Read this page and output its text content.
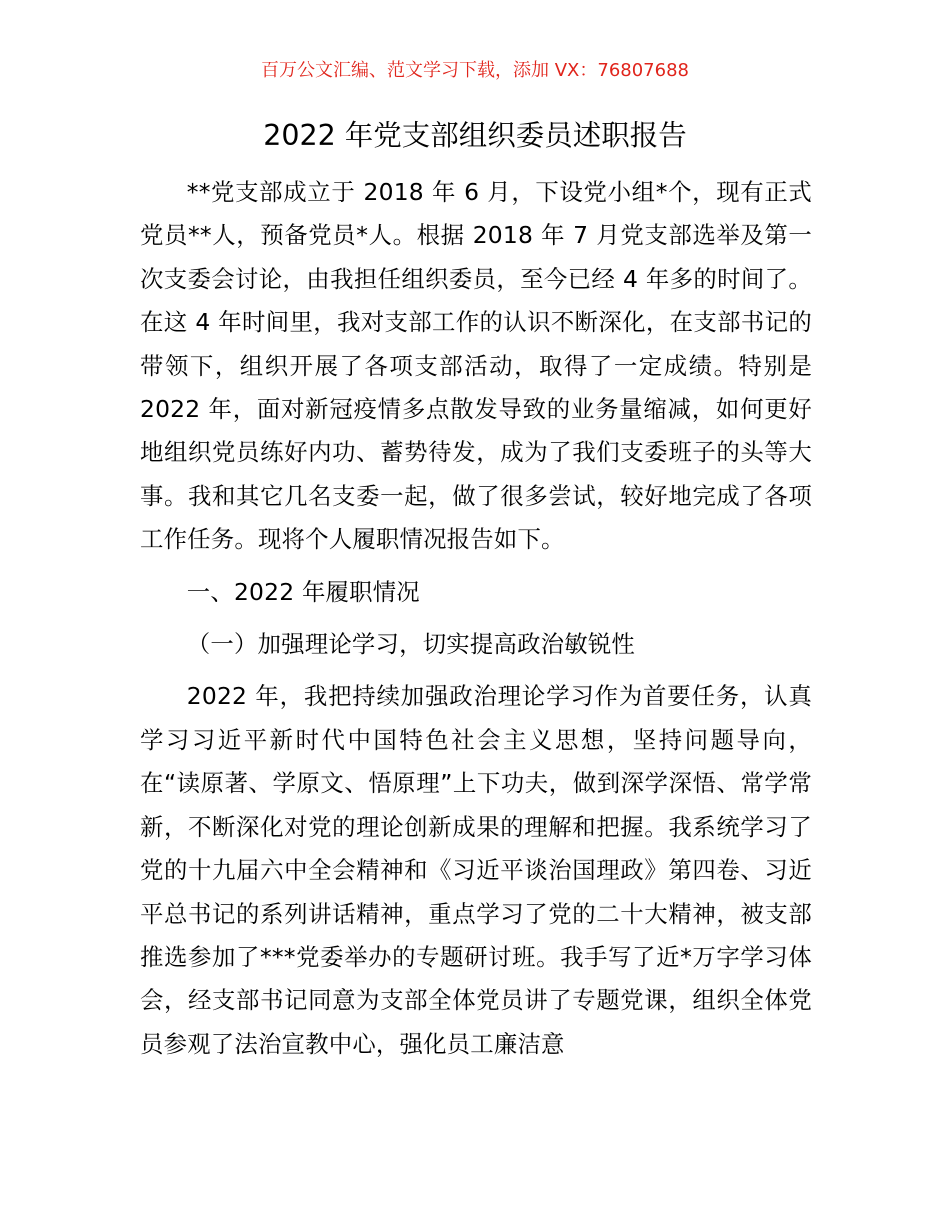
百万公文汇编、范文学习下载，添加 VX：76807688
2022 年党支部组织委员述职报告

**党支部成立于 2018 年 6 月，下设党小组*个，现有正式党员**人，预备党员*人。根据 2018 年 7 月党支部选举及第一次支委会讨论，由我担任组织委员，至今已经 4 年多的时间了。在这 4 年时间里，我对支部工作的认识不断深化，在支部书记的带领下，组织开展了各项支部活动，取得了一定成绩。特别是 2022 年，面对新冠疫情多点散发导致的业务量缩减，如何更好地组织党员练好内功、蓄势待发，成为了我们支委班子的头等大事。我和其它几名支委一起，做了很多尝试，较好地完成了各项工作任务。现将个人履职情况报告如下。

一、2022 年履职情况

（一）加强理论学习，切实提高政治敏锐性

2022 年，我把持续加强政治理论学习作为首要任务，认真学习习近平新时代中国特色社会主义思想，坚持问题导向，在“读原著、学原文、悟原理”上下功夫，做到深学深悟、常学常新，不断深化对党的理论创新成果的理解和把握。我系统学习了党的十九届六中全会精神和《习近平谈治国理政》第四卷、习近平总书记的系列讲话精神，重点学习了党的二十大精神，被支部推选参加了***党委举办的专题研讨班。我手写了近*万字学习体会，经支部书记同意为支部全体党员讲了专题党课，组织全体党员参观了法治宣教中心，强化员工廉洁意
